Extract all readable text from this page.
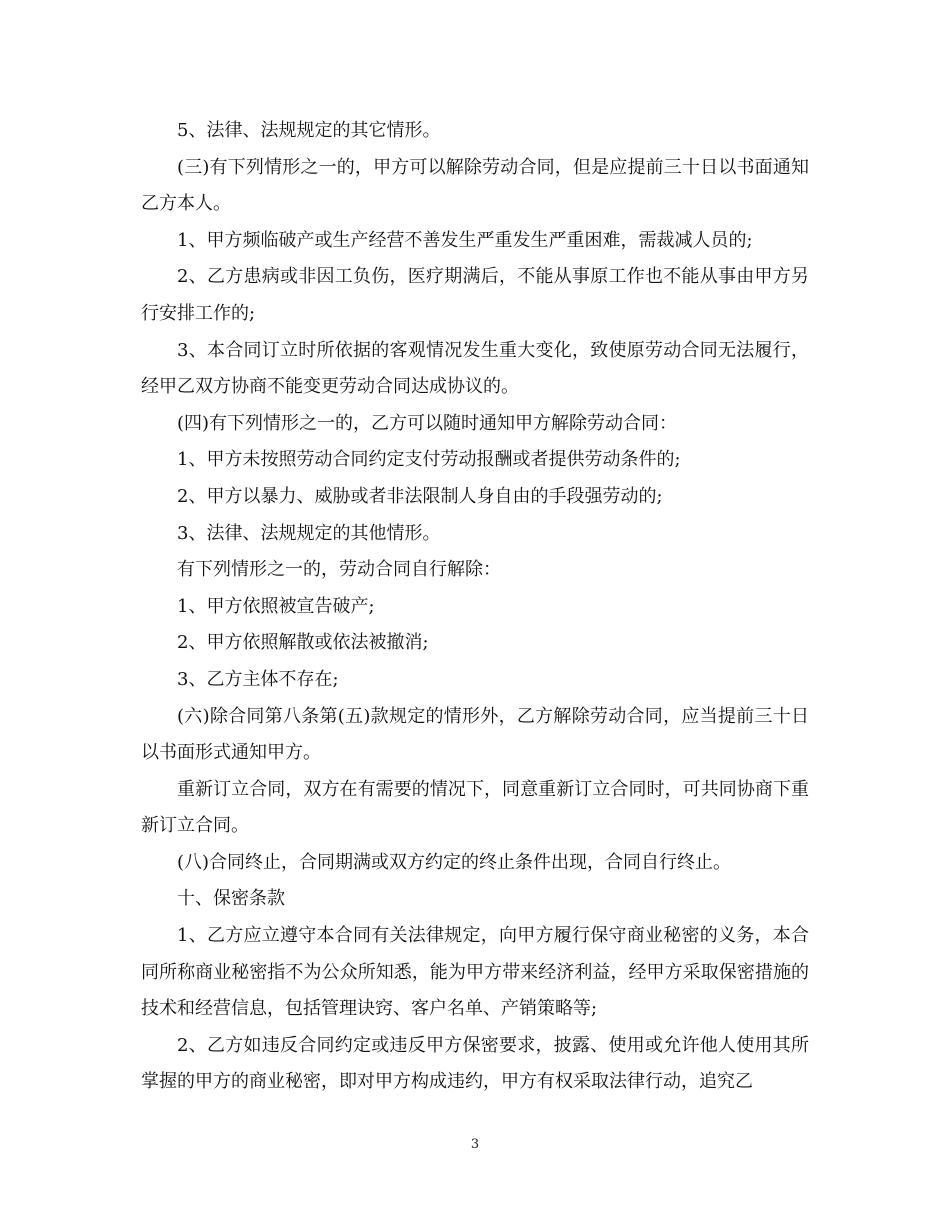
5、法律、法规规定的其它情形。

(三)有下列情形之一的，甲方可以解除劳动合同，但是应提前三十日以书面通知乙方本人。

1、甲方频临破产或生产经营不善发生严重发生严重困难，需裁减人员的;

2、乙方患病或非因工负伤，医疗期满后，不能从事原工作也不能从事由甲方另行安排工作的;

3、本合同订立时所依据的客观情况发生重大变化，致使原劳动合同无法履行，经甲乙双方协商不能变更劳动合同达成协议的。

(四)有下列情形之一的，乙方可以随时通知甲方解除劳动合同：

1、甲方未按照劳动合同约定支付劳动报酬或者提供劳动条件的;

2、甲方以暴力、威胁或者非法限制人身自由的手段强劳动的;

3、法律、法规规定的其他情形。

有下列情形之一的，劳动合同自行解除：

1、甲方依照被宣告破产;

2、甲方依照解散或依法被撤消;

3、乙方主体不存在;

(六)除合同第八条第(五)款规定的情形外，乙方解除劳动合同，应当提前三十日以书面形式通知甲方。

重新订立合同，双方在有需要的情况下，同意重新订立合同时，可共同协商下重新订立合同。

(八)合同终止，合同期满或双方约定的终止条件出现，合同自行终止。

十、保密条款

1、乙方应立遵守本合同有关法律规定，向甲方履行保守商业秘密的义务，本合同所称商业秘密指不为公众所知悉，能为甲方带来经济利益，经甲方采取保密措施的技术和经营信息，包括管理诀窍、客户名单、产销策略等;

2、乙方如违反合同约定或违反甲方保密要求，披露、使用或允许他人使用其所掌握的甲方的商业秘密，即对甲方构成违约，甲方有权采取法律行动，追究乙

3
